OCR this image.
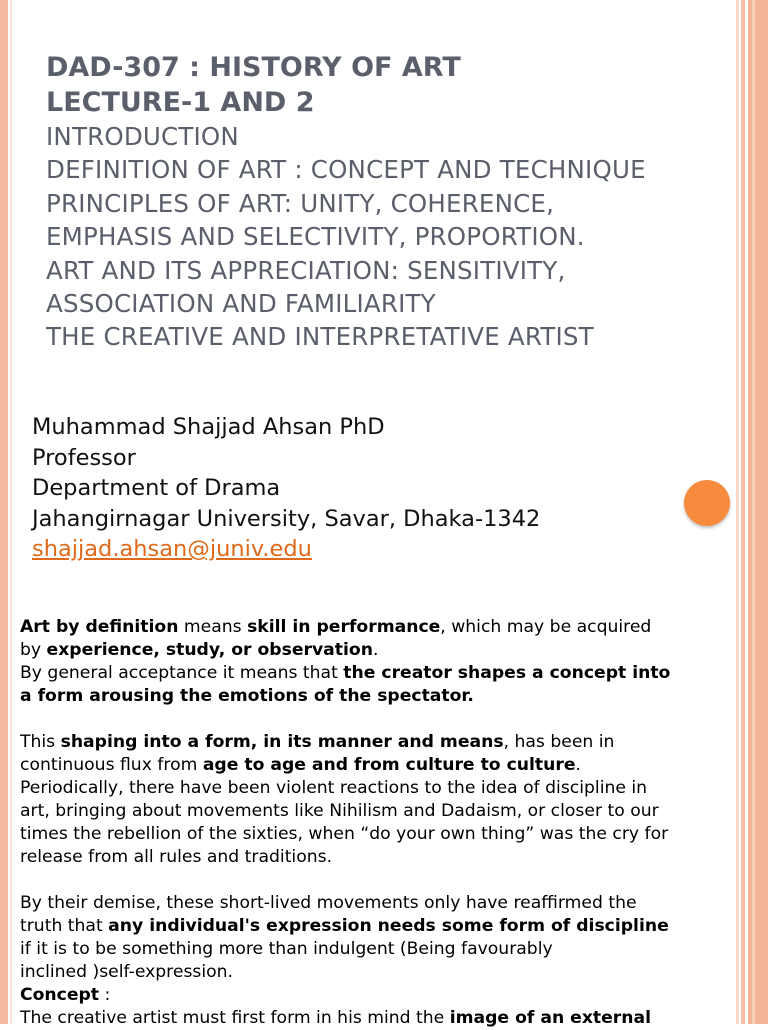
DAD-307 : HISTORY OF ART
LECTURE-1 AND 2
INTRODUCTION
DEFINITION OF ART : CONCEPT AND TECHNIQUE
PRINCIPLES OF ART: UNITY, COHERENCE,
EMPHASIS AND SELECTIVITY, PROPORTION.
ART AND ITS APPRECIATION: SENSITIVITY,
ASSOCIATION AND FAMILIARITY
THE CREATIVE AND INTERPRETATIVE ARTIST
Muhammad Shajjad Ahsan PhD
Professor
Department of Drama
Jahangirnagar University, Savar, Dhaka-1342
shajjad.ahsan@juniv.edu

Art by definition means skill in performance, which may be acquired

by experience, study, or observation.

By general acceptance it means that the creator shapes a concept into

a form arousing the emotions of the spectator.

This shaping into a form, in its manner and means, has been in

continuous flux from age to age and from culture to culture.

Periodically, there have been violent reactions to the idea of discipline in

art, bringing about movements like Nihilism and Dadaism, or closer to our

times the rebellion of the sixties, when “do your own thing” was the cry for

release from all rules and traditions.

By their demise, these short-lived movements only have reaffirmed the

truth that any individual's expression needs some form of discipline

if it is to be something more than indulgent (Being favourably

inclined )self-expression.

Concept :

The creative artist must first form in his mind the image of an external
